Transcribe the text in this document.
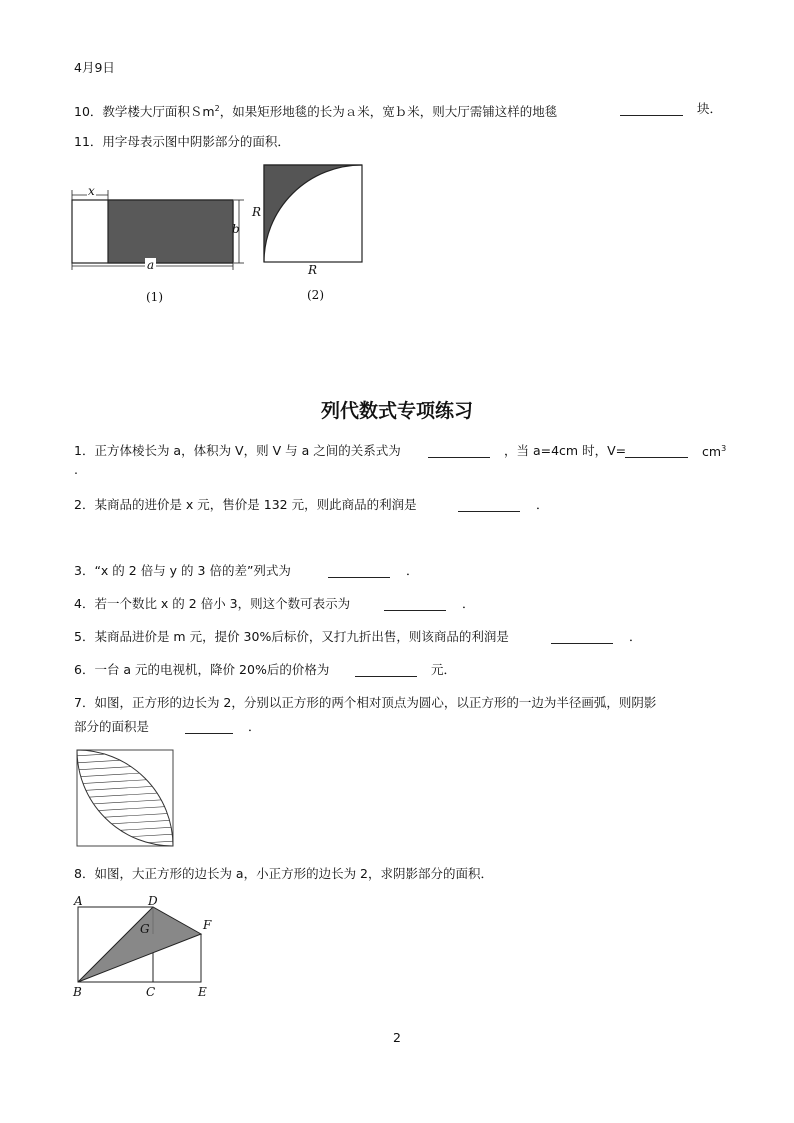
4月9日
10．教学楼大厅面积Ｓm$^2$，如果矩形地毯的长为ａ米，宽ｂ米，则大厅需铺这样的地毯	块．
11．用字母表示图中阴影部分的面积．
x
b
a
(1)
R
R
(2)
列代数式专项练习
1．正方体棱长为 a，体积为 V，则 V 与 a 之间的关系式为	，当 a=4cm 时，V=	$cm^3$
.
2．某商品的进价是 x 元，售价是 132 元，则此商品的利润是	．
3．“x 的 2 倍与 y 的 3 倍的差”列式为	．
4．若一个数比 x 的 2 倍小 3，则这个数可表示为	．
5．某商品进价是 m 元，提价 30%后标价，又打九折出售，则该商品的利润是	．
6．一台 a 元的电视机，降价 20%后的价格为	元．
7．如图，正方形的边长为 2，分别以正方形的两个相对顶点为圆心，以正方形的一边为半径画弧，则阴影
部分的面积是	．
8．如图，大正方形的边长为 a，小正方形的边长为 2，求阴影部分的面积．
A	D
F
G
B	C	E
2
